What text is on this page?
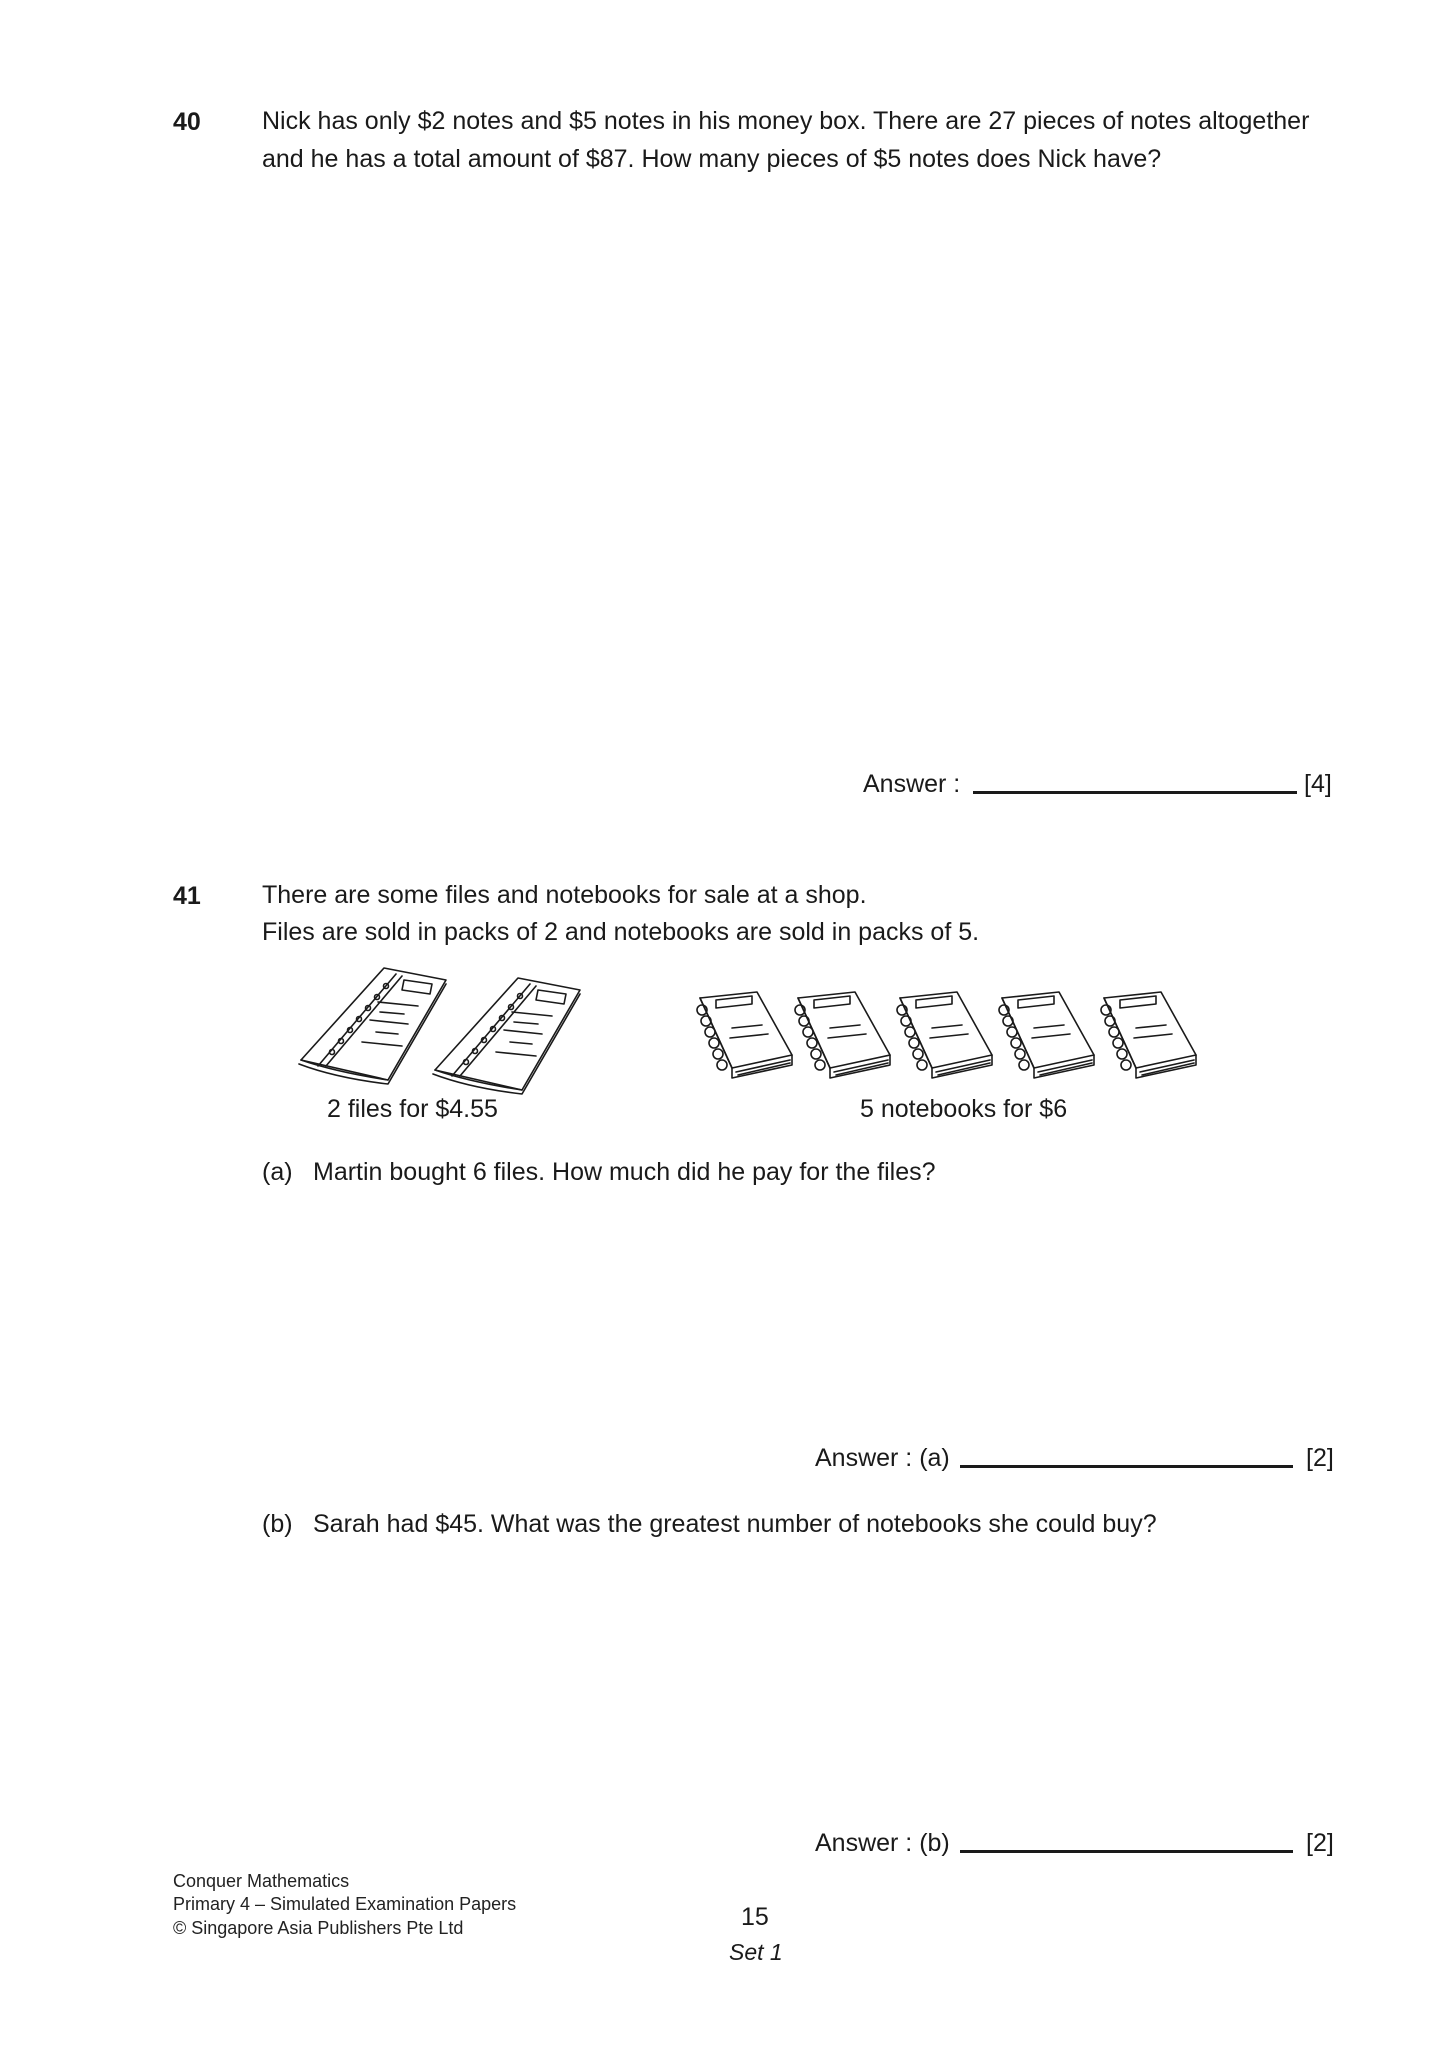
40 Nick has only $2 notes and $5 notes in his money box. There are 27 pieces of notes altogether
and he has a total amount of $87. How many pieces of $5 notes does Nick have?
Answer :	[4]
41 There are some files and notebooks for sale at a shop.
Files are sold in packs of 2 and notebooks are sold in packs of 5.
2 files for $4.55	5 notebooks for $6
(a) Martin bought 6 files. How much did he pay for the files?
Answer : (a)	[2]
(b) Sarah had $45. What was the greatest number of notebooks she could buy?
Answer : (b)	[2]
Conquer Mathematics
Primary 4 – Simulated Examination Papers
© Singapore Asia Publishers Pte Ltd	15
Set 1
